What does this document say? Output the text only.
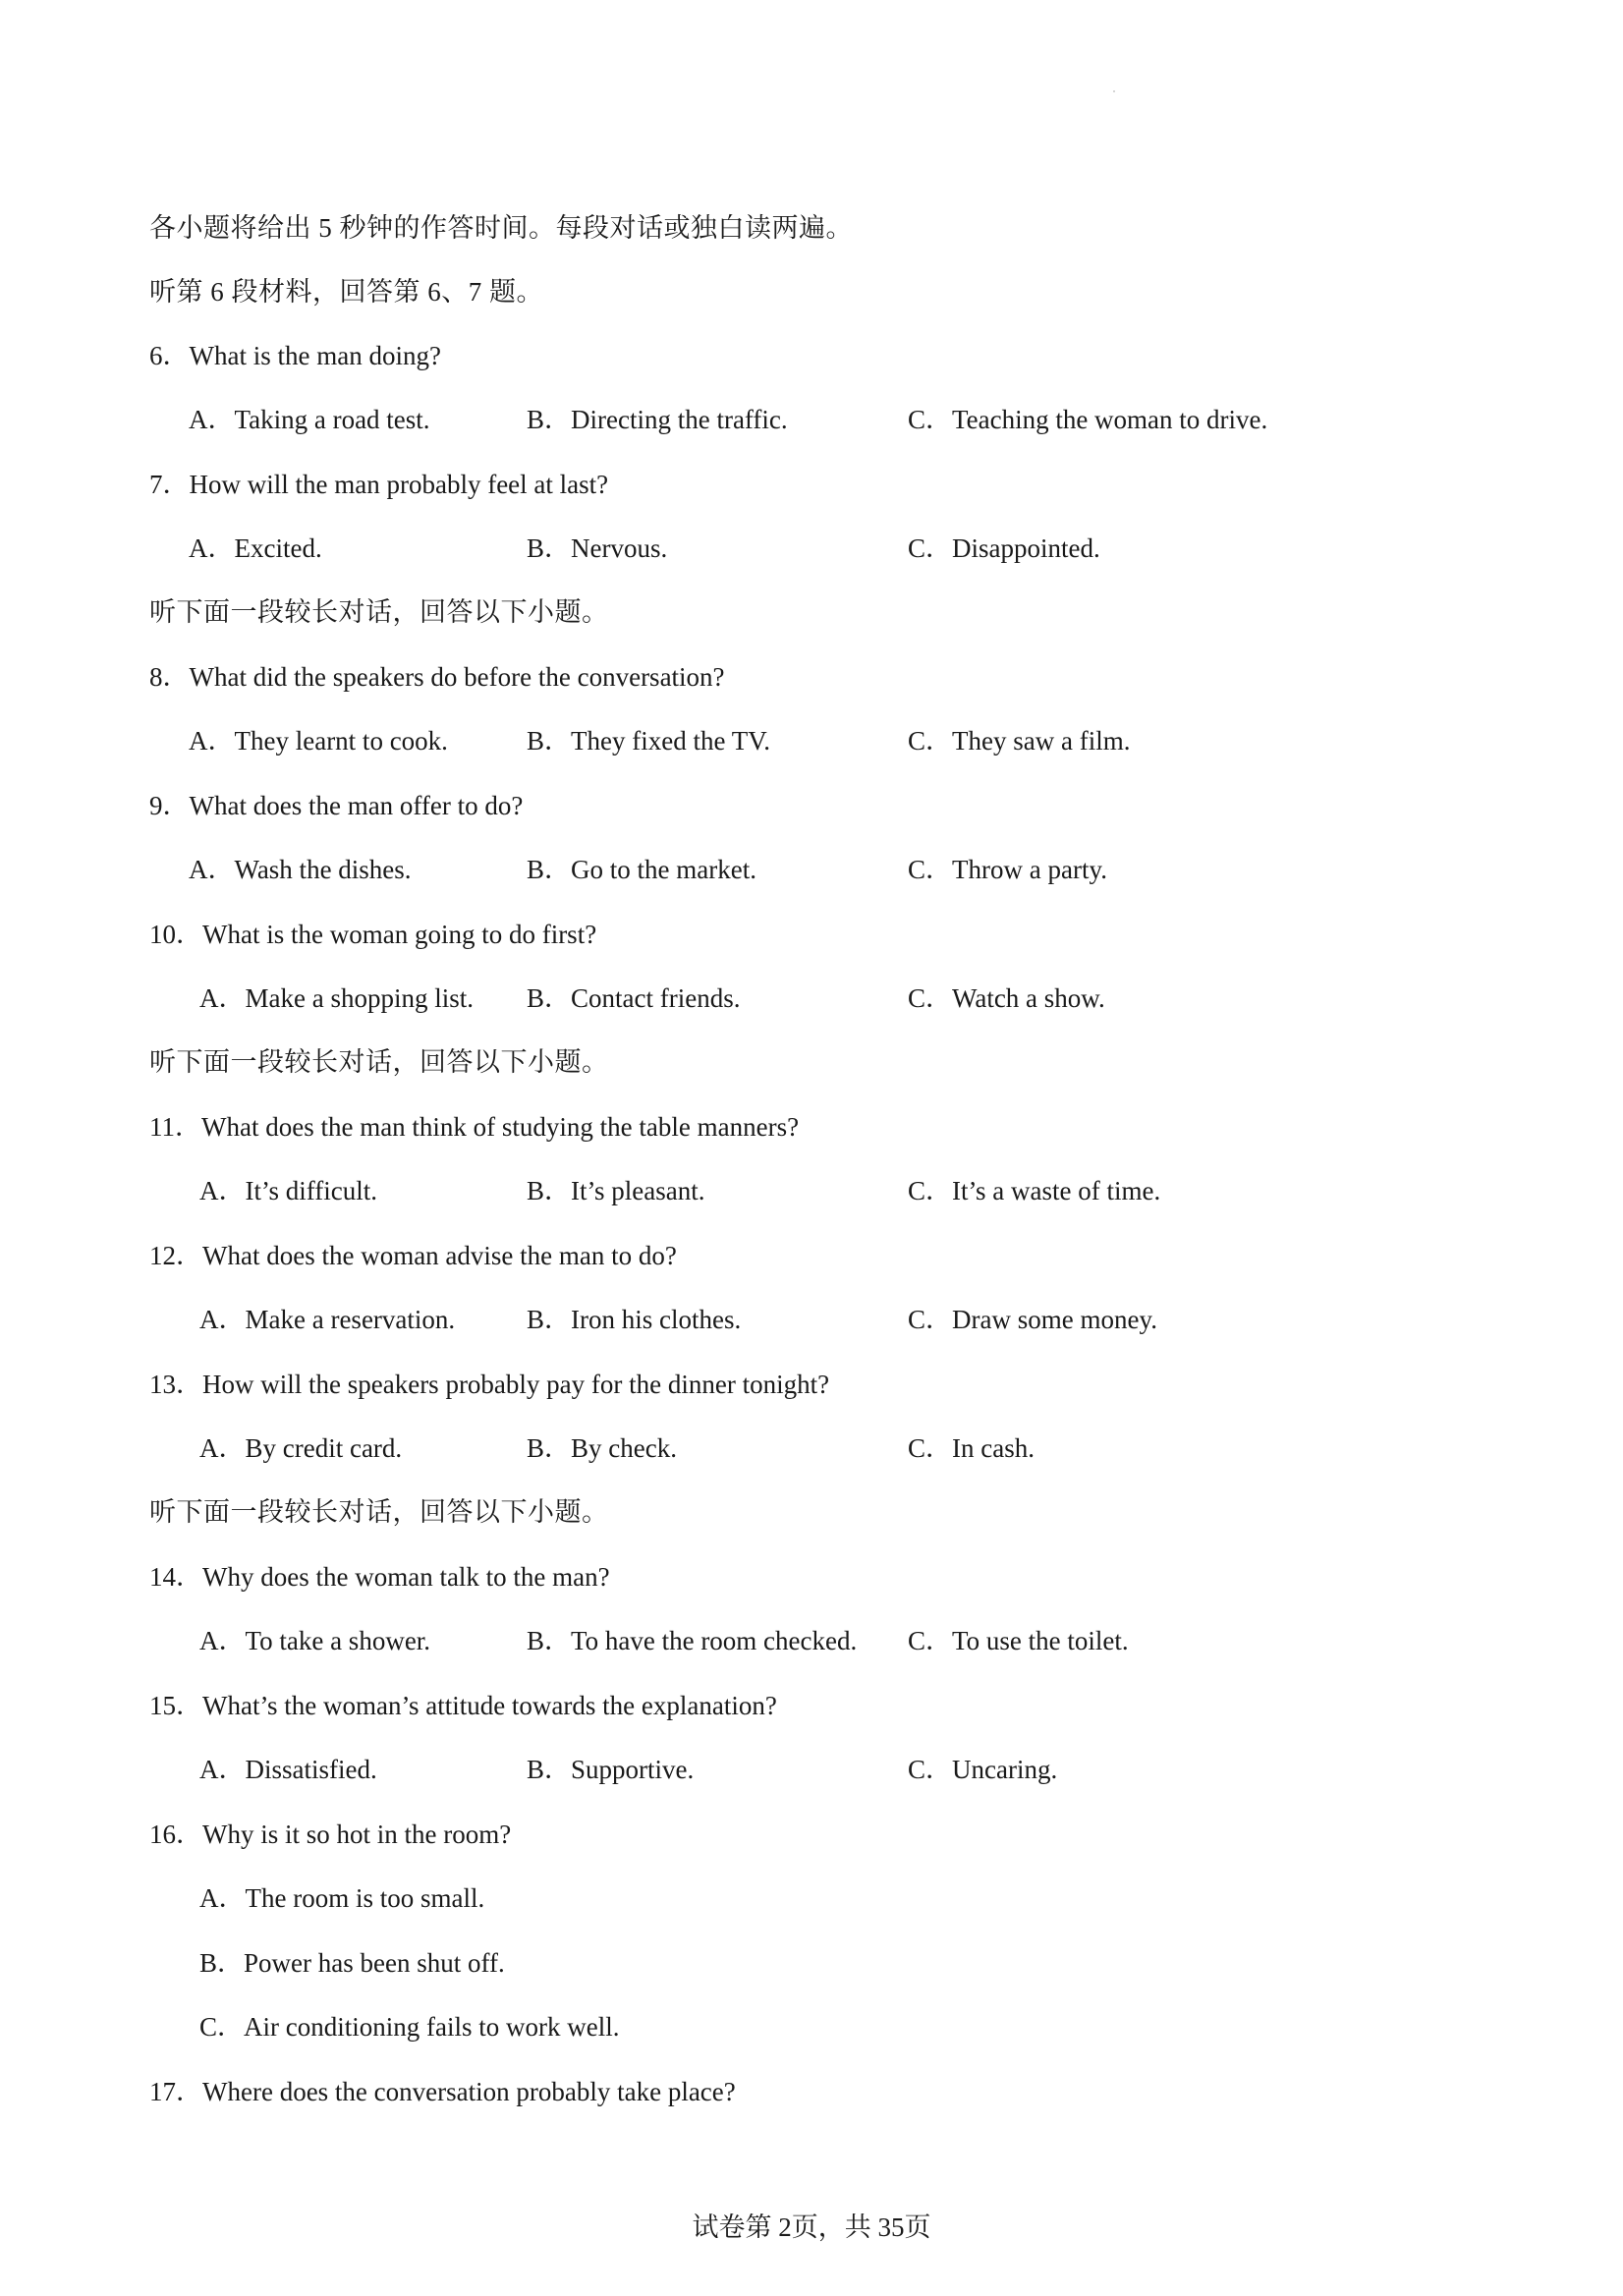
各小题将给出 5 秒钟的作答时间。每段对话或独白读两遍。
听第 6 段材料，回答第 6、7 题。
6．What is the man doing?
A．Taking a road test.	B．Directing the traffic.	C．Teaching the woman to drive.
7．How will the man probably feel at last?
A．Excited.	B．Nervous.	C．Disappointed.
听下面一段较长对话，回答以下小题。
8．What did the speakers do before the conversation?
A．They learnt to cook.	B．They fixed the TV.	C．They saw a film.
9．What does the man offer to do?
A．Wash the dishes.	B．Go to the market.	C．Throw a party.
10．What is the woman going to do first?
A．Make a shopping list. B．Contact friends.	C．Watch a show.
听下面一段较长对话，回答以下小题。
11．What does the man think of studying the table manners?
A．It’s difficult.	B．It’s pleasant.	C．It’s a waste of time.
12．What does the woman advise the man to do?
A．Make a reservation.	B．Iron his clothes.	C．Draw some money.
13．How will the speakers probably pay for the dinner tonight?
A．By credit card.	B．By check.	C．In cash.
听下面一段较长对话，回答以下小题。
14．Why does the woman talk to the man?
A．To take a shower.	B．To have the room checked. C．To use the toilet.
15．What’s the woman’s attitude towards the explanation?
A．Dissatisfied.	B．Supportive.	C．Uncaring.
16．Why is it so hot in the room?
A．The room is too small.
B．Power has been shut off.
C．Air conditioning fails to work well.
17．Where does the conversation probably take place?
试卷第 2页，共 35页
